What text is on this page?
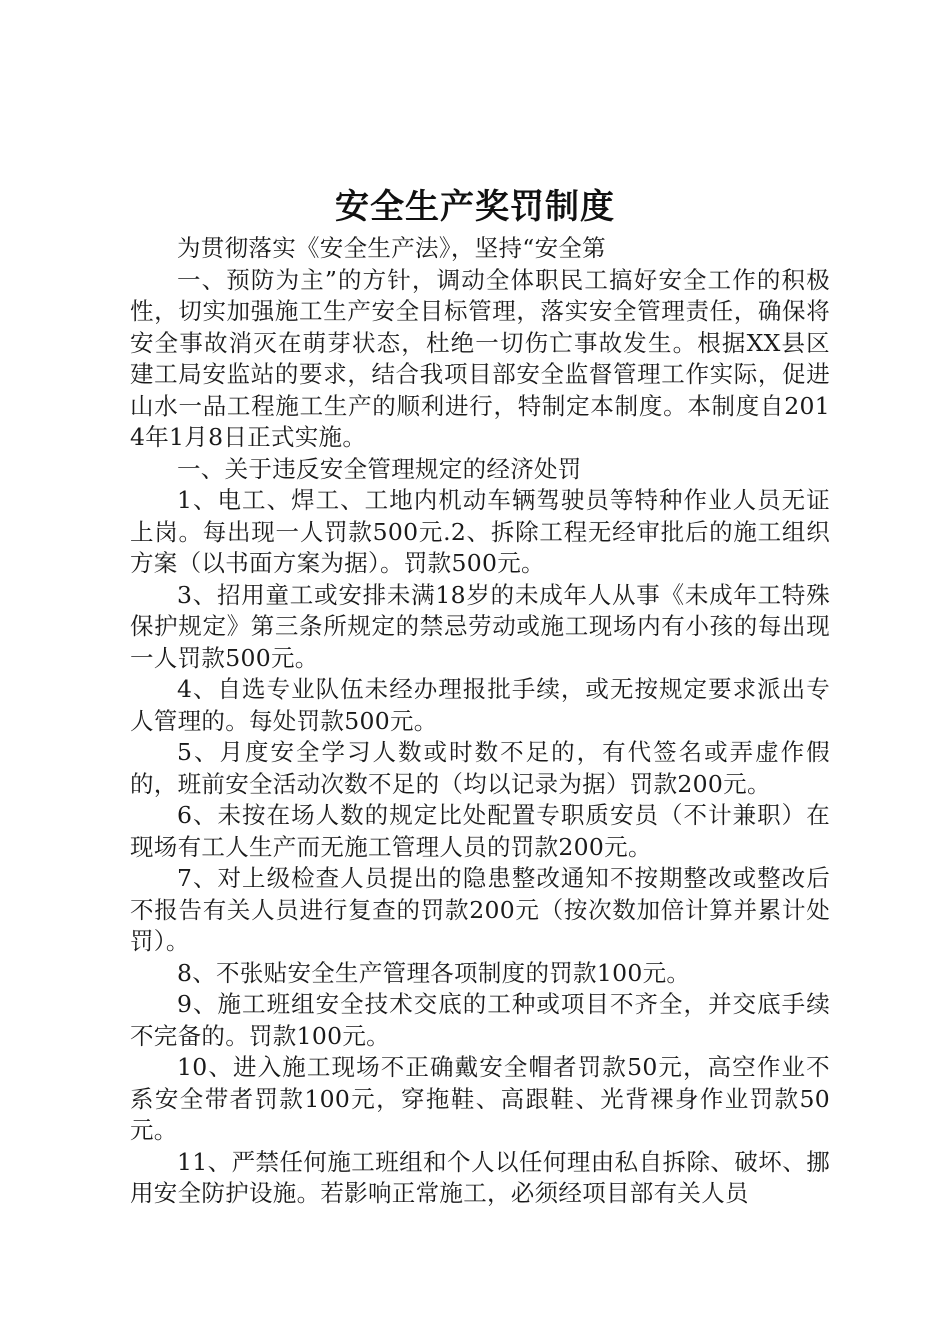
安全生产奖罚制度

为贯彻落实《安全生产法》，坚持“安全第

一、预防为主”的方针，调动全体职民工搞好安全工作的积极性，切实加强施工生产安全目标管理，落实安全管理责任，确保将安全事故消灭在萌芽状态，杜绝一切伤亡事故发生。根据XX县区建工局安监站的要求，结合我项目部安全监督管理工作实际，促进山水一品工程施工生产的顺利进行，特制定本制度。本制度自2014年1月8日正式实施。

一、关于违反安全管理规定的经济处罚

1、电工、焊工、工地内机动车辆驾驶员等特种作业人员无证上岗。每出现一人罚款500元.2、拆除工程无经审批后的施工组织方案（以书面方案为据）。罚款500元。

3、招用童工或安排未满18岁的未成年人从事《未成年工特殊保护规定》第三条所规定的禁忌劳动或施工现场内有小孩的每出现一人罚款500元。

4、自选专业队伍未经办理报批手续，或无按规定要求派出专人管理的。每处罚款500元。

5、月度安全学习人数或时数不足的，有代签名或弄虚作假的，班前安全活动次数不足的（均以记录为据）罚款200元。

6、未按在场人数的规定比处配置专职质安员（不计兼职）在现场有工人生产而无施工管理人员的罚款200元。

7、对上级检查人员提出的隐患整改通知不按期整改或整改后不报告有关人员进行复查的罚款200元（按次数加倍计算并累计处罚）。

8、不张贴安全生产管理各项制度的罚款100元。

9、施工班组安全技术交底的工种或项目不齐全，并交底手续不完备的。罚款100元。

10、进入施工现场不正确戴安全帽者罚款50元，高空作业不系安全带者罚款100元，穿拖鞋、高跟鞋、光背裸身作业罚款50元。

11、严禁任何施工班组和个人以任何理由私自拆除、破坏、挪用安全防护设施。若影响正常施工，必须经项目部有关人员
